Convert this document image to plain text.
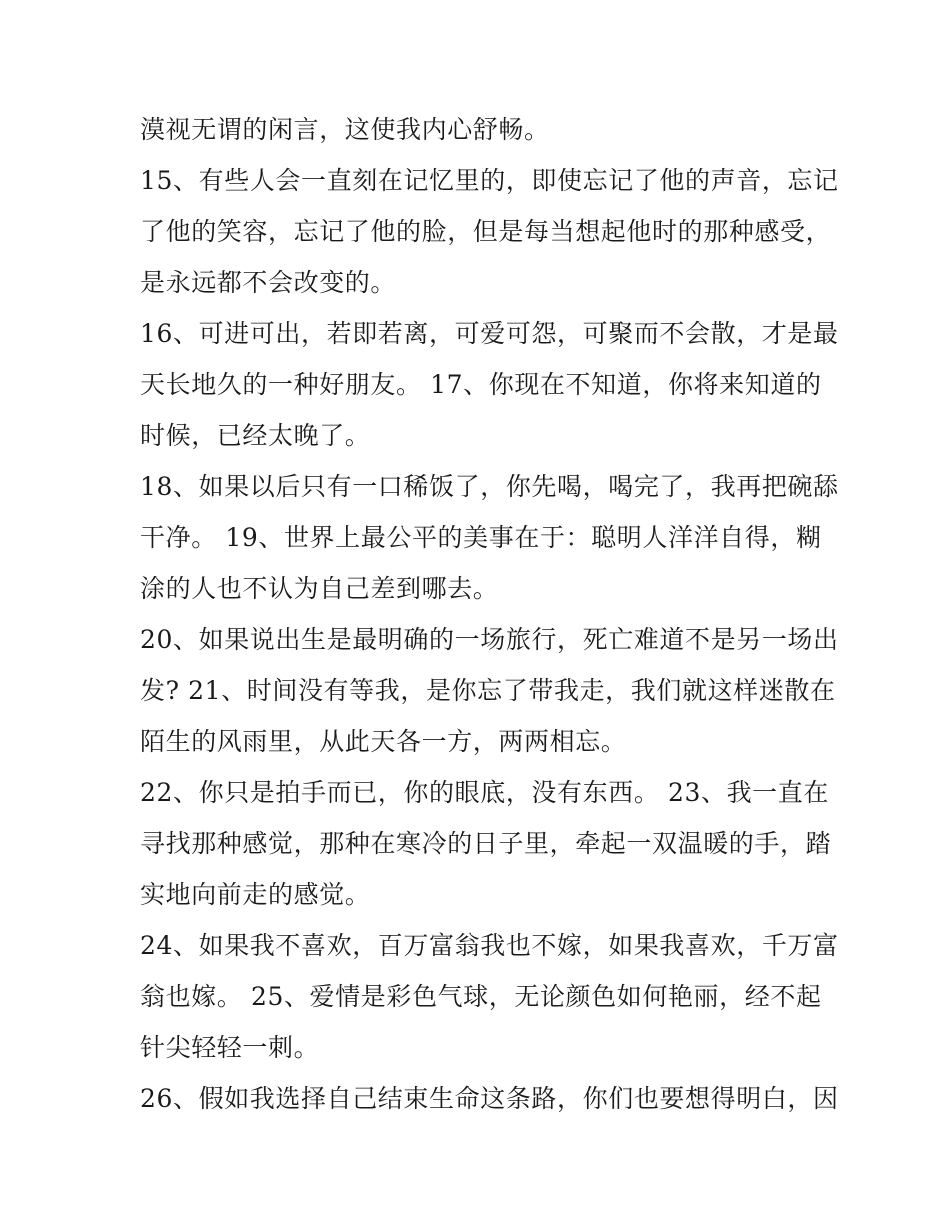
漠视无谓的闲言，这使我内心舒畅。
15、有些人会一直刻在记忆里的，即使忘记了他的声音，忘记
了他的笑容，忘记了他的脸，但是每当想起他时的那种感受，
是永远都不会改变的。
16、可进可出，若即若离，可爱可怨，可聚而不会散，才是最
天长地久的一种好朋友。 17、你现在不知道，你将来知道的
时候，已经太晚了。
18、如果以后只有一口稀饭了，你先喝，喝完了，我再把碗舔
干净。 19、世界上最公平的美事在于：聪明人洋洋自得，糊
涂的人也不认为自己差到哪去。
20、如果说出生是最明确的一场旅行，死亡难道不是另一场出
发? 21、时间没有等我，是你忘了带我走，我们就这样迷散在
陌生的风雨里，从此天各一方，两两相忘。
22、你只是拍手而已，你的眼底，没有东西。 23、我一直在
寻找那种感觉，那种在寒冷的日子里，牵起一双温暖的手，踏
实地向前走的感觉。
24、如果我不喜欢，百万富翁我也不嫁，如果我喜欢，千万富
翁也嫁。 25、爱情是彩色气球，无论颜色如何艳丽，经不起
针尖轻轻一刺。
26、假如我选择自己结束生命这条路，你们也要想得明白，因
